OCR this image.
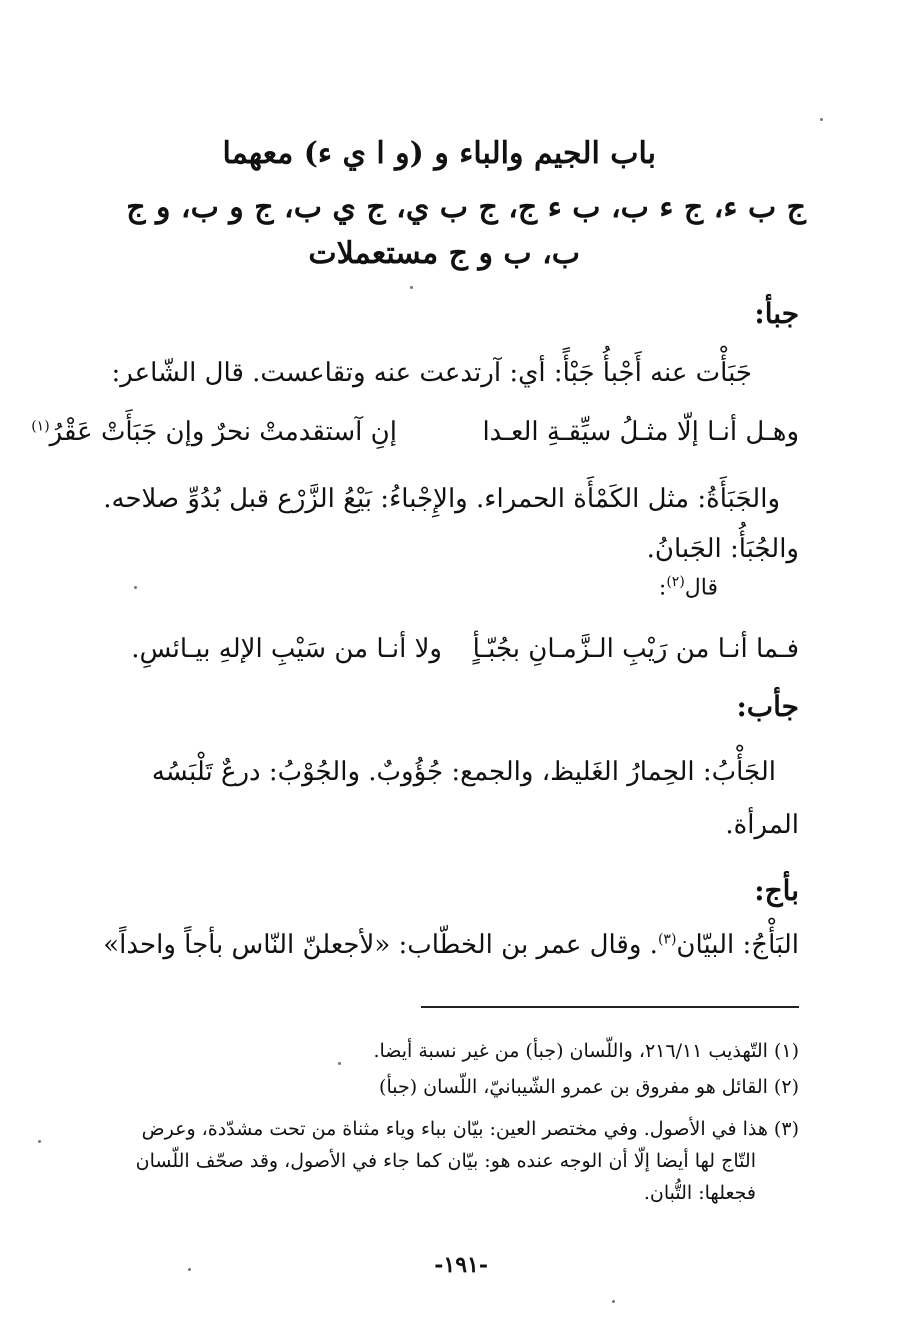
باب الجيم والباء و (و ا ي ء) معهما
ج ب ء، ج ء ب، ب ء ج، ج ب ي، ج ي ب، ج و ب، و ج
ب، ب و ج مستعملات
جبأ:
جَبَأْت عنه أَجْبأُ جَبْأً: أي: آرتدعت عنه وتقاعست. قال الشّاعر:
وهـل أنـا إلّا مثـلُ سيِّقـةِ العـدا
إنِ آستقدمتْ نحرٌ وإن جَبَأَتْ عَقْرُ$^{(١)}$
والجَبَأَةُ: مثل الكَمْأَة الحمراء. والإِجْباءُ: بَيْعُ الزَّرْع قبل بُدُوِّ صلاحه.
والجُبَأُ: الجَبانُ.
قال$^{(٢)}$:
فـما أنـا من رَيْبِ الـزَّمـانِ بجُبّـأٍ
ولا أنـا من سَيْبِ الإلهِ بيـائسِ.
جأب:
الجَأْبُ: الحِمارُ الغَليظ، والجمع: جُؤُوبٌ. والجُوْبُ: درعٌ تَلْبَسُه
المرأة.
بأج:
البَأْجُ: البيّان$^{(٣)}$. وقال عمر بن الخطّاب: «لأجعلنّ النّاس بأجاً واحداً»
(١) التّهذيب ٢١٦/١١، واللّسان (جبأ) من غير نسبة أيضا.
(٢) القائل هو مفروق بن عمرو الشّيبانيّ، اللّسان (جبأ)
(٣) هذا في الأصول. وفي مختصر العين: بيّان بباء وياء مثناة من تحت مشدّدة، وعرض
التّاج لها أيضا إلّا أن الوجه عنده هو: بيّان كما جاء في الأصول، وقد صحّف اللّسان
فجعلها: التُّبان.
-١٩١-
